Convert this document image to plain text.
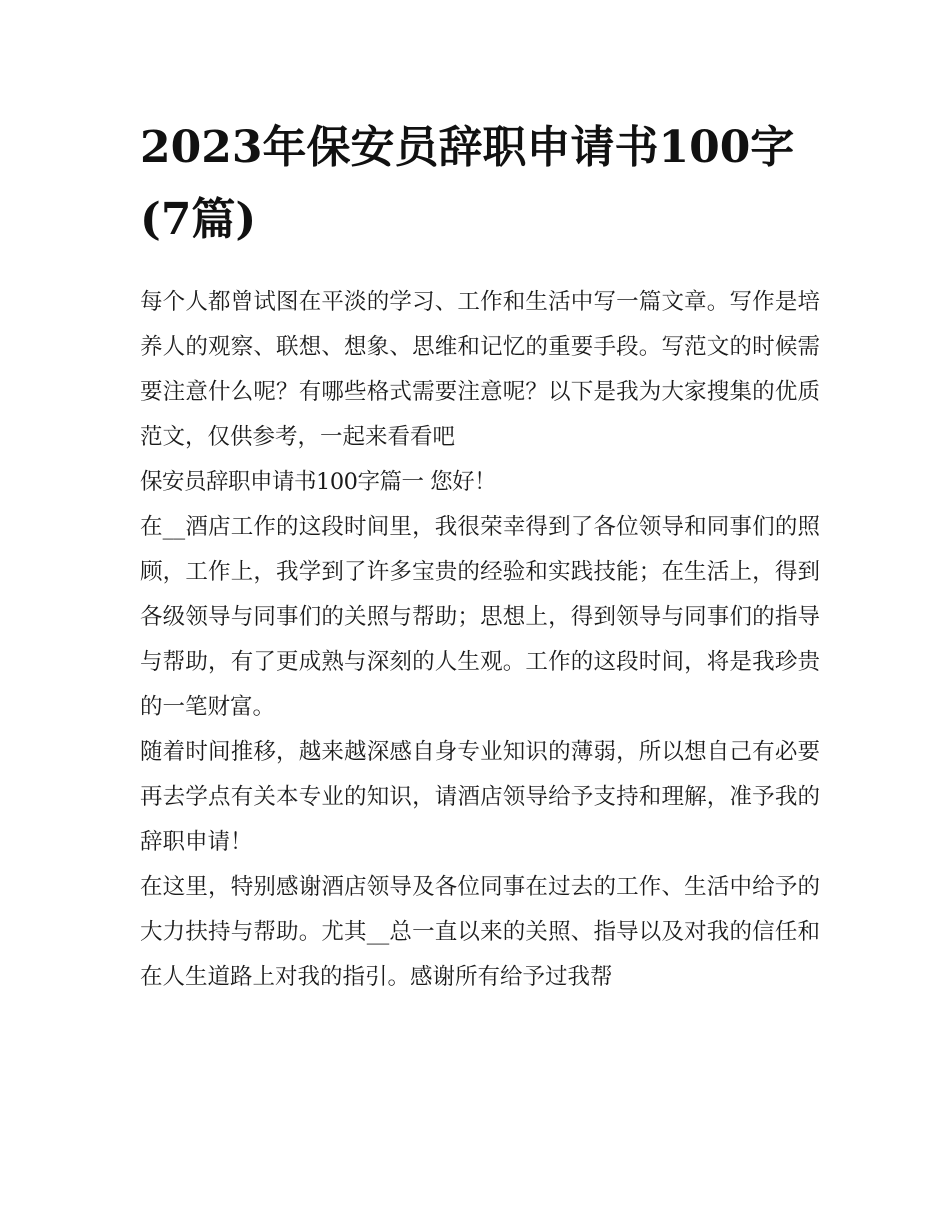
2023年保安员辞职申请书100字(7篇)

每个人都曾试图在平淡的学习、工作和生活中写一篇文章。写作是培养人的观察、联想、想象、思维和记忆的重要手段。写范文的时候需要注意什么呢？有哪些格式需要注意呢？以下是我为大家搜集的优质范文，仅供参考，一起来看看吧

保安员辞职申请书100字篇一 您好！

在__酒店工作的这段时间里，我很荣幸得到了各位领导和同事们的照顾，工作上，我学到了许多宝贵的经验和实践技能；在生活上，得到各级领导与同事们的关照与帮助；思想上，得到领导与同事们的指导与帮助，有了更成熟与深刻的人生观。工作的这段时间，将是我珍贵的一笔财富。

随着时间推移，越来越深感自身专业知识的薄弱，所以想自己有必要再去学点有关本专业的知识，请酒店领导给予支持和理解，准予我的辞职申请！

在这里，特别感谢酒店领导及各位同事在过去的工作、生活中给予的大力扶持与帮助。尤其__总一直以来的关照、指导以及对我的信任和在人生道路上对我的指引。感谢所有给予过我帮
